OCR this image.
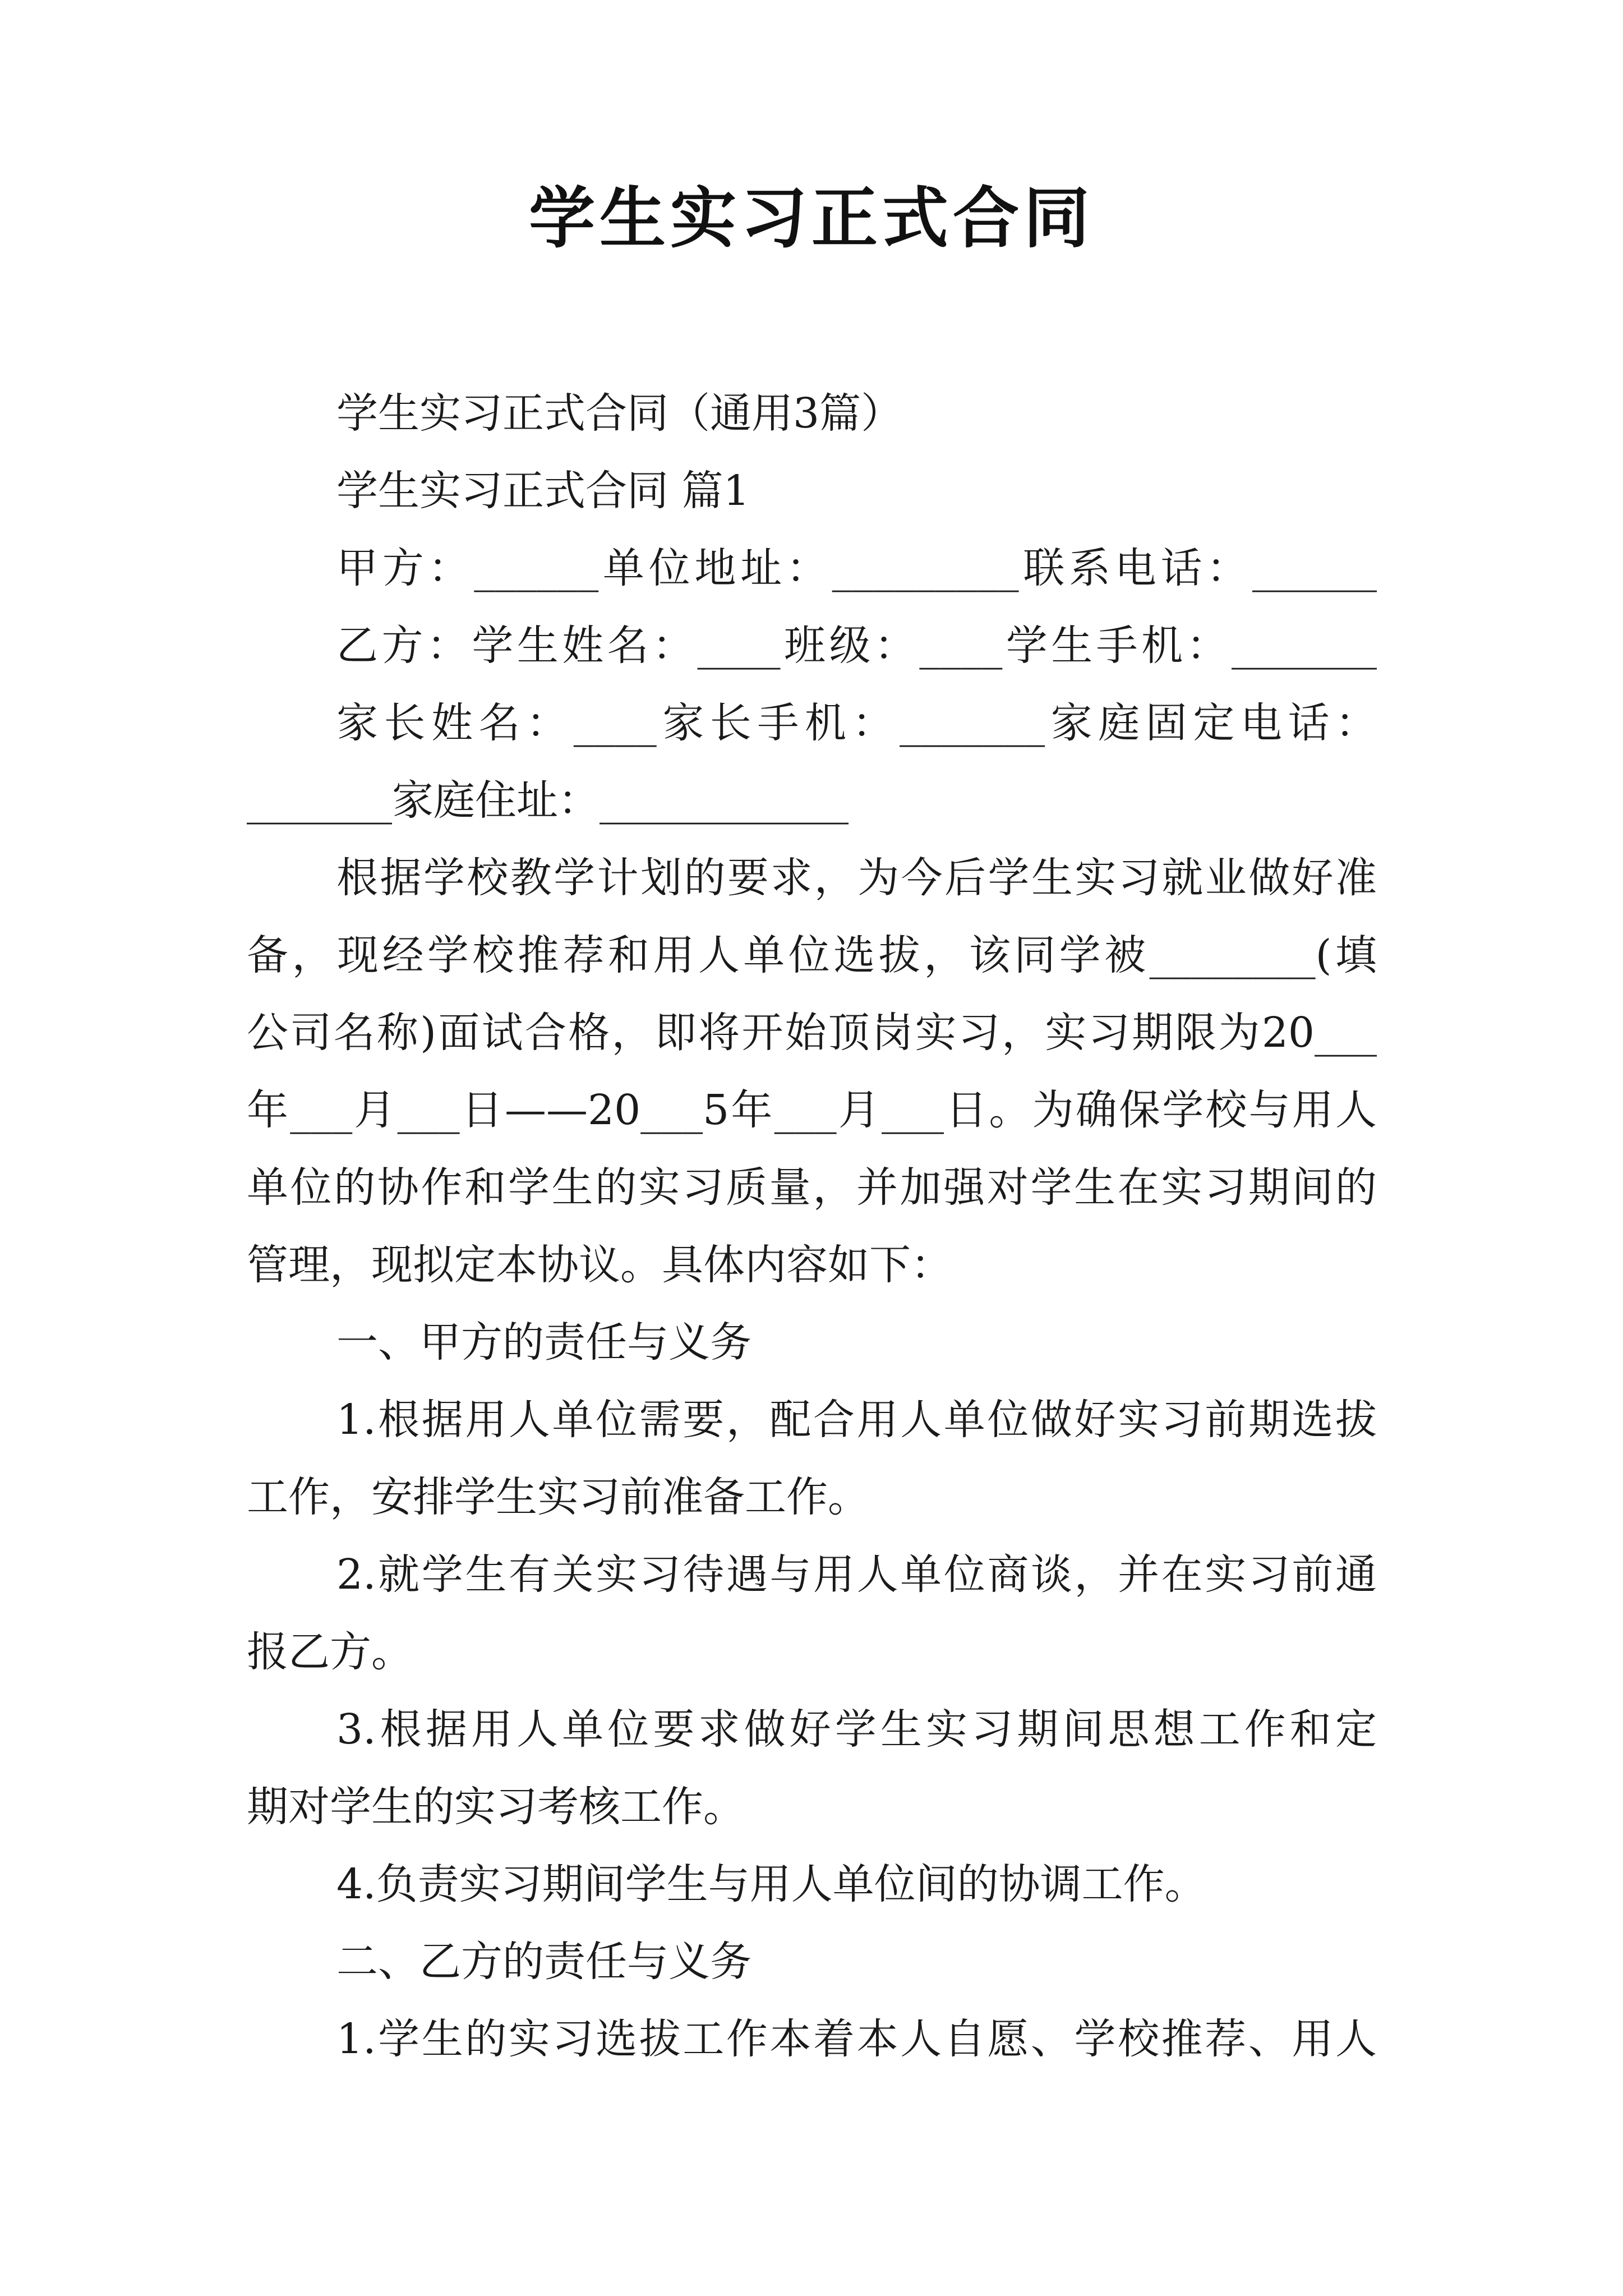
学生实习正式合同
学生实习正式合同（通用3篇）
学生实习正式合同 篇1
甲方：______单位地址：_________联系电话：______
乙方：学生姓名：____班级：____学生手机：_______
家长姓名：____家长手机：_______家庭固定电话：
_______家庭住址：____________
根据学校教学计划的要求，为今后学生实习就业做好准
备，现经学校推荐和用人单位选拔，该同学被________(填
公司名称)面试合格，即将开始顶岗实习，实习期限为20___
年___月___日——20___5年___月___日。为确保学校与用人
单位的协作和学生的实习质量，并加强对学生在实习期间的
管理，现拟定本协议。具体内容如下：
一、甲方的责任与义务
1.根据用人单位需要，配合用人单位做好实习前期选拔
工作，安排学生实习前准备工作。
2.就学生有关实习待遇与用人单位商谈，并在实习前通
报乙方。
3.根据用人单位要求做好学生实习期间思想工作和定
期对学生的实习考核工作。
4.负责实习期间学生与用人单位间的协调工作。
二、乙方的责任与义务
1.学生的实习选拔工作本着本人自愿、学校推荐、用人
